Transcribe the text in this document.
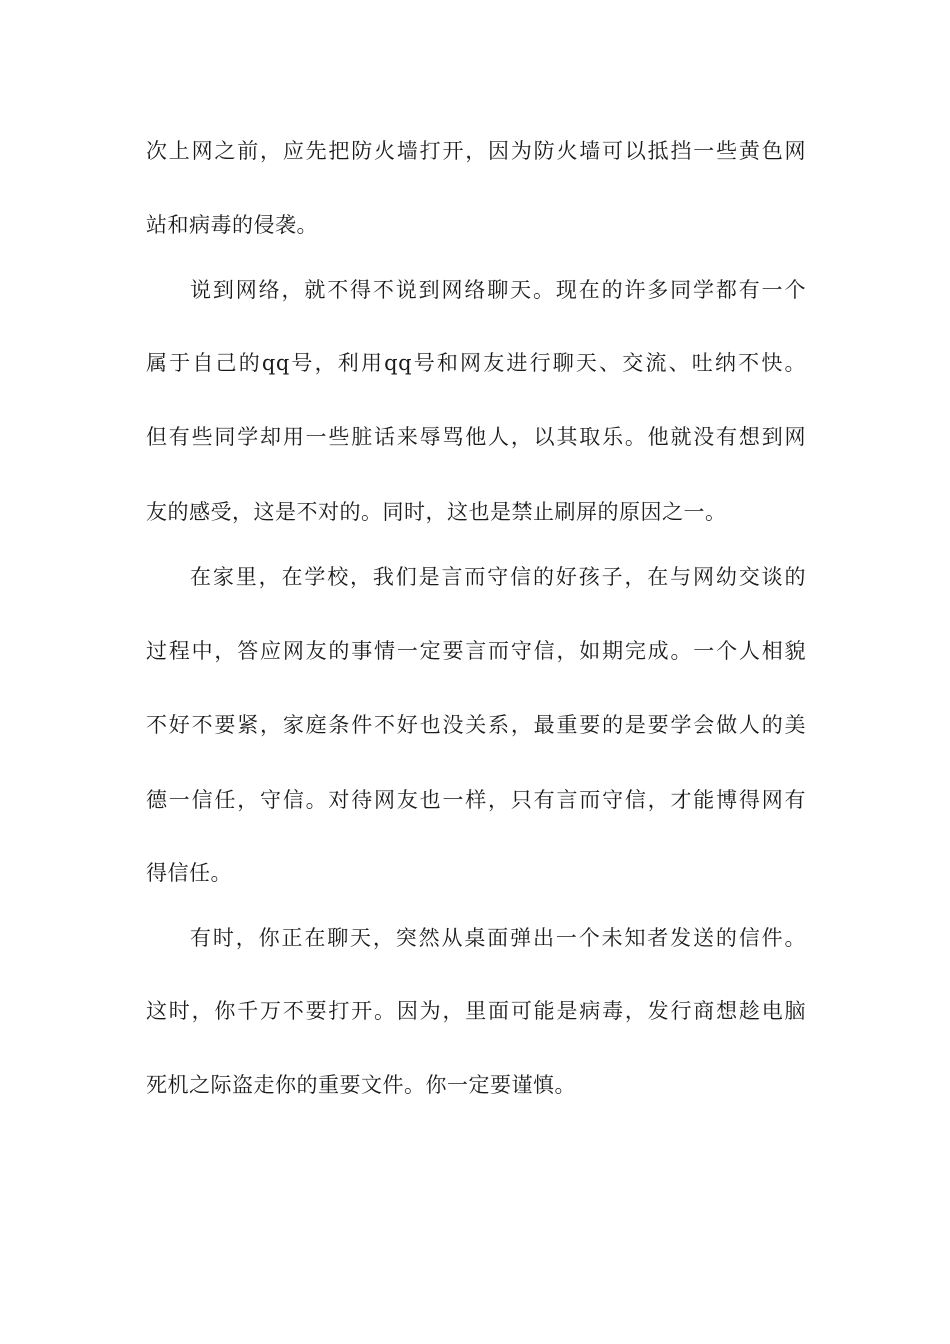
次上网之前，应先把防火墙打开，因为防火墙可以抵挡一些黄色网
站和病毒的侵袭。
说到网络，就不得不说到网络聊天。现在的许多同学都有一个
属于自己的qq号，利用qq号和网友进行聊天、交流、吐纳不快。
但有些同学却用一些脏话来辱骂他人，以其取乐。他就没有想到网
友的感受，这是不对的。同时，这也是禁止刷屏的原因之一。
在家里，在学校，我们是言而守信的好孩子，在与网幼交谈的
过程中，答应网友的事情一定要言而守信，如期完成。一个人相貌
不好不要紧，家庭条件不好也没关系，最重要的是要学会做人的美
德一信任，守信。对待网友也一样，只有言而守信，才能博得网有
得信任。
有时，你正在聊天，突然从桌面弹出一个未知者发送的信件。
这时，你千万不要打开。因为，里面可能是病毒，发行商想趁电脑
死机之际盗走你的重要文件。你一定要谨慎。
